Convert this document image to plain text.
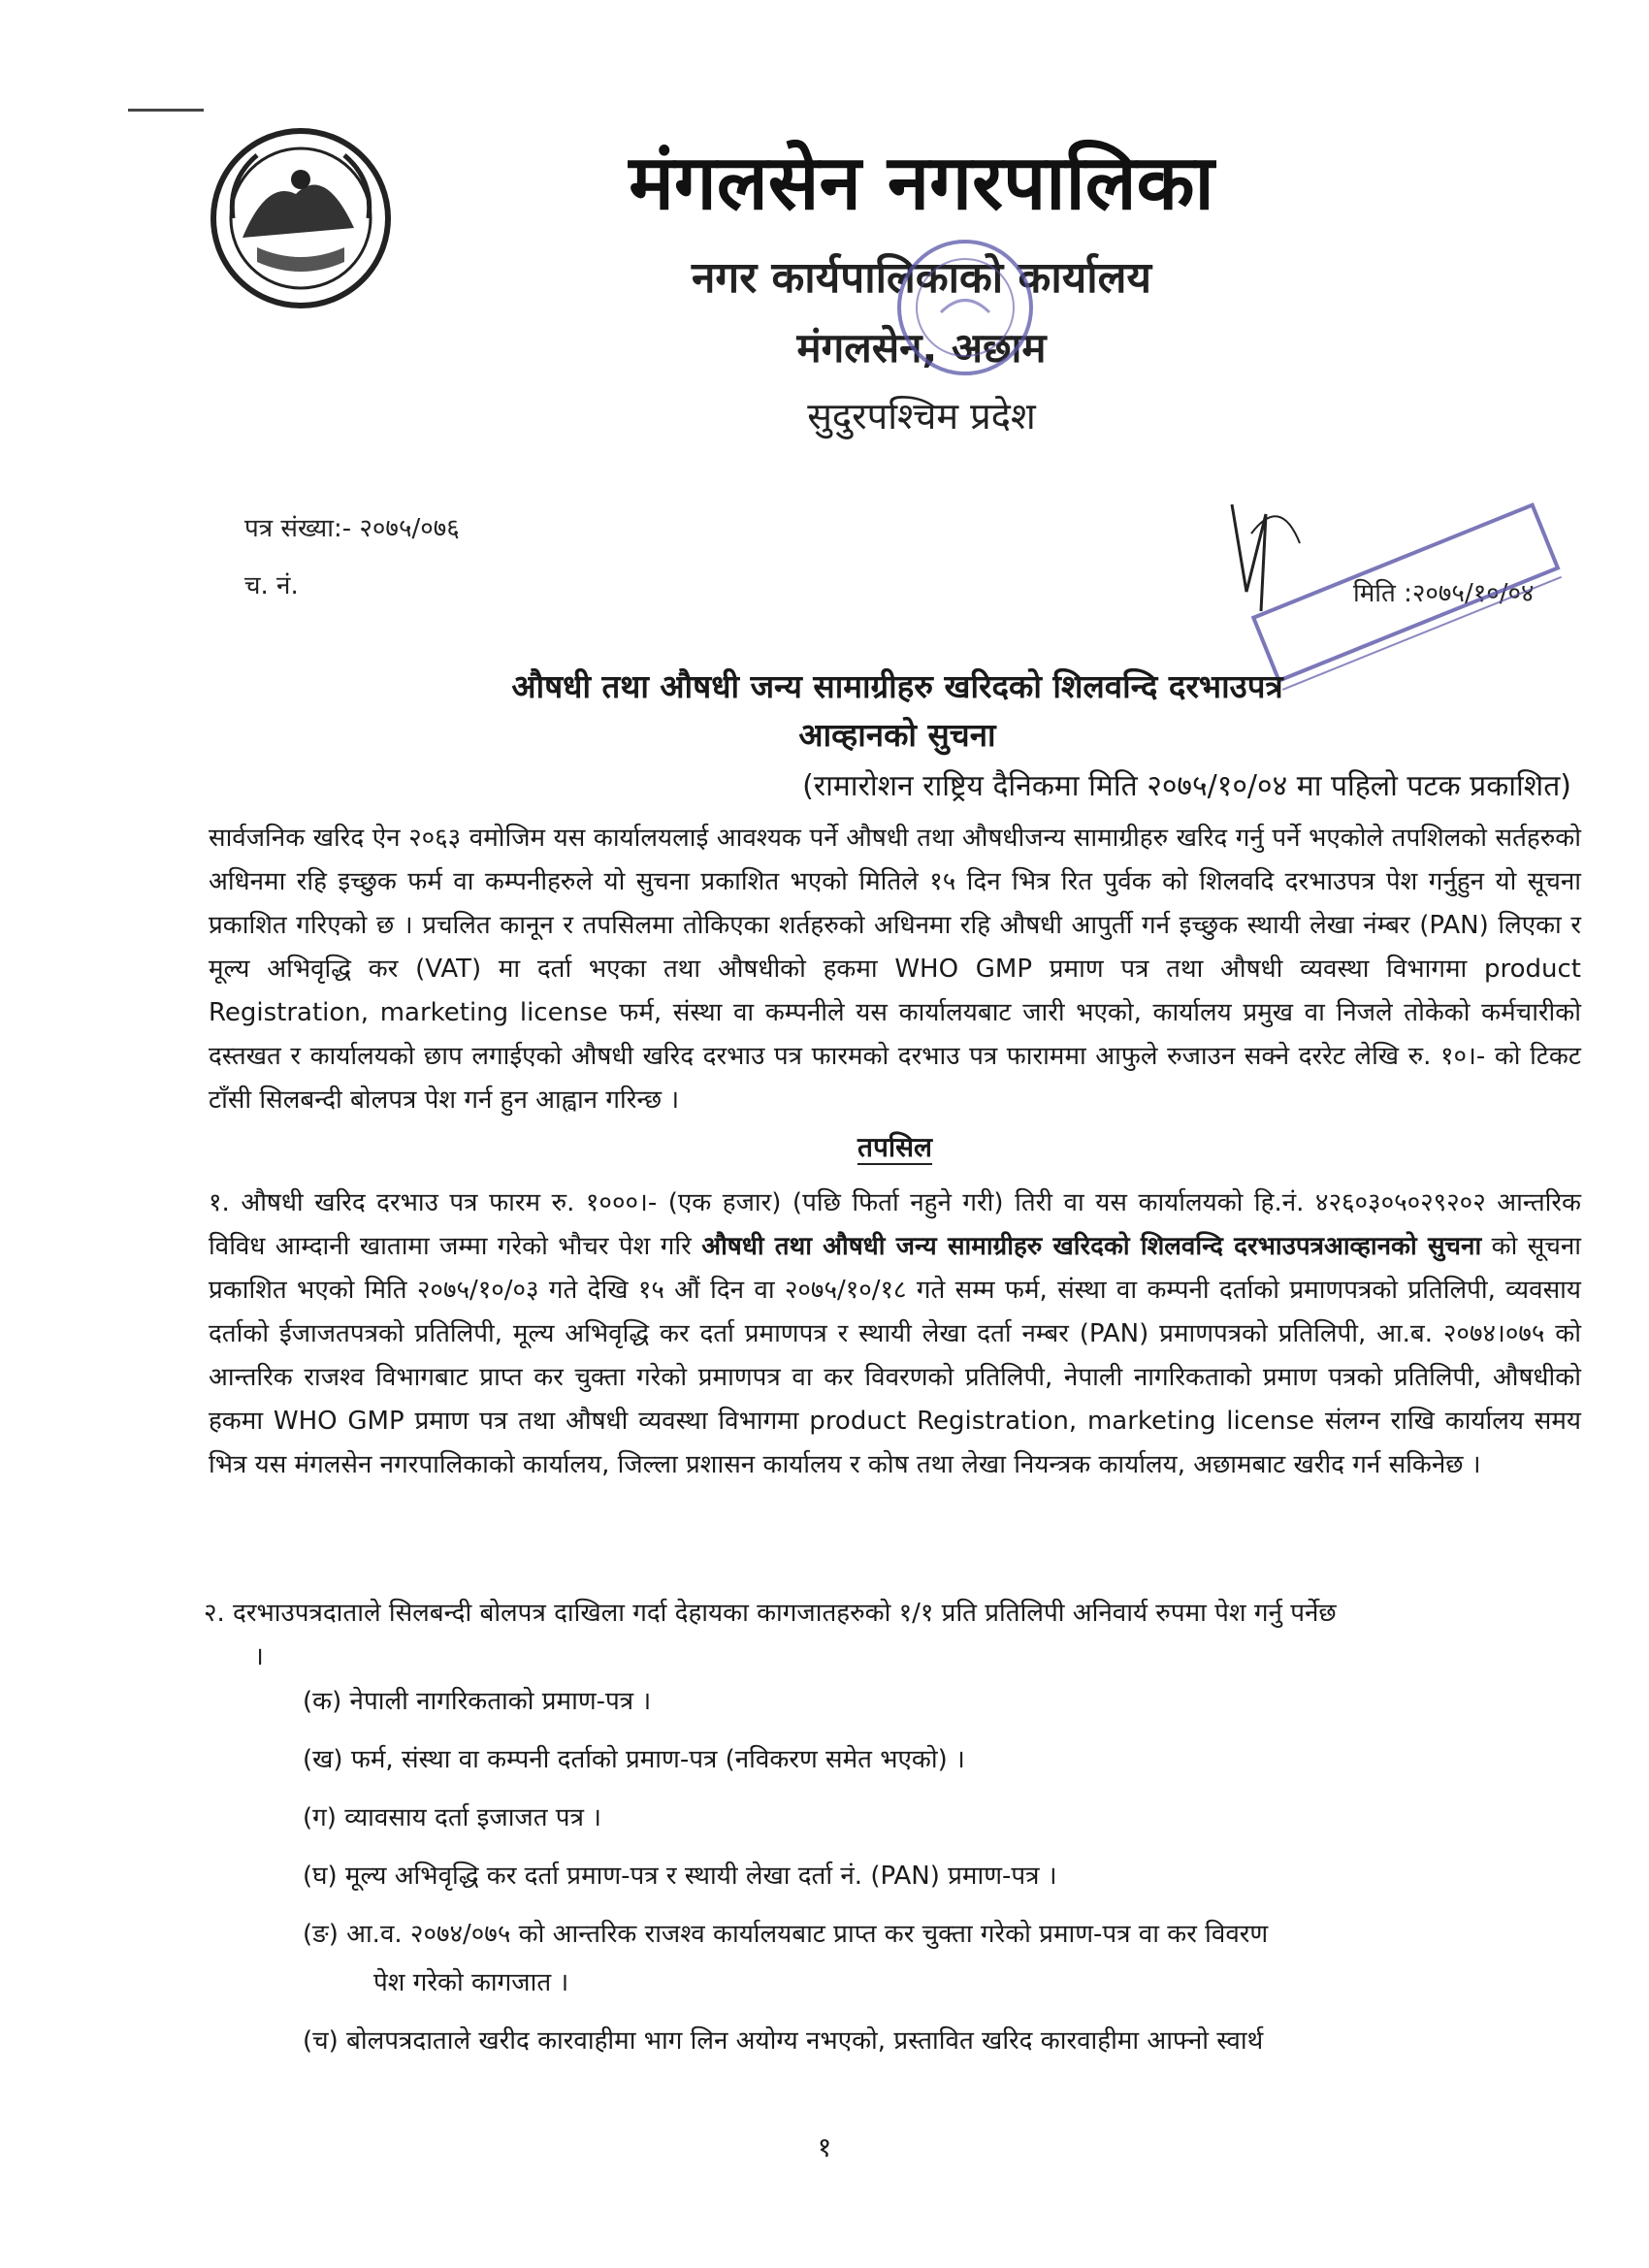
मंगलसेन नगरपालिका
नगर कार्यपालिकाको कार्यालय
मंगलसेन, अछाम
सुदुरपश्चिम प्रदेश
पत्र संख्या:- २०७५/०७६
च. नं.	मिति :२०७५/१०/०४
औषधी तथा औषधी जन्य सामाग्रीहरु खरिदको शिलवन्दि दरभाउपत्र
आव्हानको सुचना
(रामारोशन राष्ट्रिय दैनिकमा मिति २०७५/१०/०४ मा पहिलो पटक प्रकाशित)
सार्वजनिक खरिद ऐन २०६३ वमोजिम यस कार्यालयलाई आवश्यक पर्ने औषधी तथा औषधीजन्य सामाग्रीहरु खरिद गर्नु पर्ने भएकोले तपशिलको सर्तहरुको अधिनमा रहि इच्छुक फर्म वा कम्पनीहरुले यो सुचना प्रकाशित भएको मितिले १५ दिन भित्र रित पुर्वक को शिलवदि दरभाउपत्र पेश गर्नुहुन यो सूचना प्रकाशित गरिएको छ । प्रचलित कानून र तपसिलमा तोकिएका शर्तहरुको अधिनमा रहि औषधी आपुर्ती गर्न इच्छुक स्थायी लेखा नंम्बर (PAN) लिएका र मूल्य अभिवृद्धि कर (VAT) मा दर्ता भएका तथा औषधीको हकमा WHO GMP प्रमाण पत्र तथा औषधी व्यवस्था विभागमा product Registration, marketing license फर्म, संस्था वा कम्पनीले यस कार्यालयबाट जारी भएको, कार्यालय प्रमुख वा निजले तोकेको कर्मचारीको दस्तखत र कार्यालयको छाप लगाईएको औषधी खरिद दरभाउ पत्र फारमको दरभाउ पत्र फाराममा आफुले रुजाउन सक्ने दररेट लेखि रु. १०।- को टिकट टाँसी सिलबन्दी बोलपत्र पेश गर्न हुन आह्वान गरिन्छ ।
तपसिल
१. औषधी खरिद दरभाउ पत्र फारम रु. १०००।- (एक हजार) (पछि फिर्ता नहुने गरी) तिरी वा यस कार्यालयको हि.नं. ४२६०३०५०२९२०२ आन्तरिक विविध आम्दानी खातामा जम्मा गरेको भौचर पेश गरि औषधी तथा औषधी जन्य सामाग्रीहरु खरिदको शिलवन्दि दरभाउपत्रआव्हानको सुचना को सूचना प्रकाशित भएको मिति २०७५/१०/०३ गते देखि १५ औं दिन वा २०७५/१०/१८ गते सम्म फर्म, संस्था वा कम्पनी दर्ताको प्रमाणपत्रको प्रतिलिपी, व्यवसाय दर्ताको ईजाजतपत्रको प्रतिलिपी, मूल्य अभिवृद्धि कर दर्ता प्रमाणपत्र र स्थायी लेखा दर्ता नम्बर (PAN) प्रमाणपत्रको प्रतिलिपी, आ.ब. २०७४।०७५ को आन्तरिक राजश्व विभागबाट प्राप्त कर चुक्ता गरेको प्रमाणपत्र वा कर विवरणको प्रतिलिपी, नेपाली नागरिकताको प्रमाण पत्रको प्रतिलिपी, औषधीको हकमा WHO GMP प्रमाण पत्र तथा औषधी व्यवस्था विभागमा product Registration, marketing license संलग्न राखि कार्यालय समय भित्र यस मंगलसेन नगरपालिकाको कार्यालय, जिल्ला प्रशासन कार्यालय र कोष तथा लेखा नियन्त्रक कार्यालय, अछामबाट खरीद गर्न सकिनेछ ।
२. दरभाउपत्रदाताले सिलबन्दी बोलपत्र दाखिला गर्दा देहायका कागजातहरुको १/१ प्रति प्रतिलिपी अनिवार्य रुपमा पेश गर्नु पर्नेछ
।
(क) नेपाली नागरिकताको प्रमाण-पत्र ।
(ख) फर्म, संस्था वा कम्पनी दर्ताको प्रमाण-पत्र (नविकरण समेत भएको) ।
(ग) व्यावसाय दर्ता इजाजत पत्र ।
(घ) मूल्य अभिवृद्धि कर दर्ता प्रमाण-पत्र र स्थायी लेखा दर्ता नं. (PAN) प्रमाण-पत्र ।
(ङ) आ.व. २०७४/०७५ को आन्तरिक राजश्व कार्यालयबाट प्राप्त कर चुक्ता गरेको प्रमाण-पत्र वा कर विवरण
पेश गरेको कागजात ।
(च) बोलपत्रदाताले खरीद कारवाहीमा भाग लिन अयोग्य नभएको, प्रस्तावित खरिद कारवाहीमा आफ्नो स्वार्थ
१
